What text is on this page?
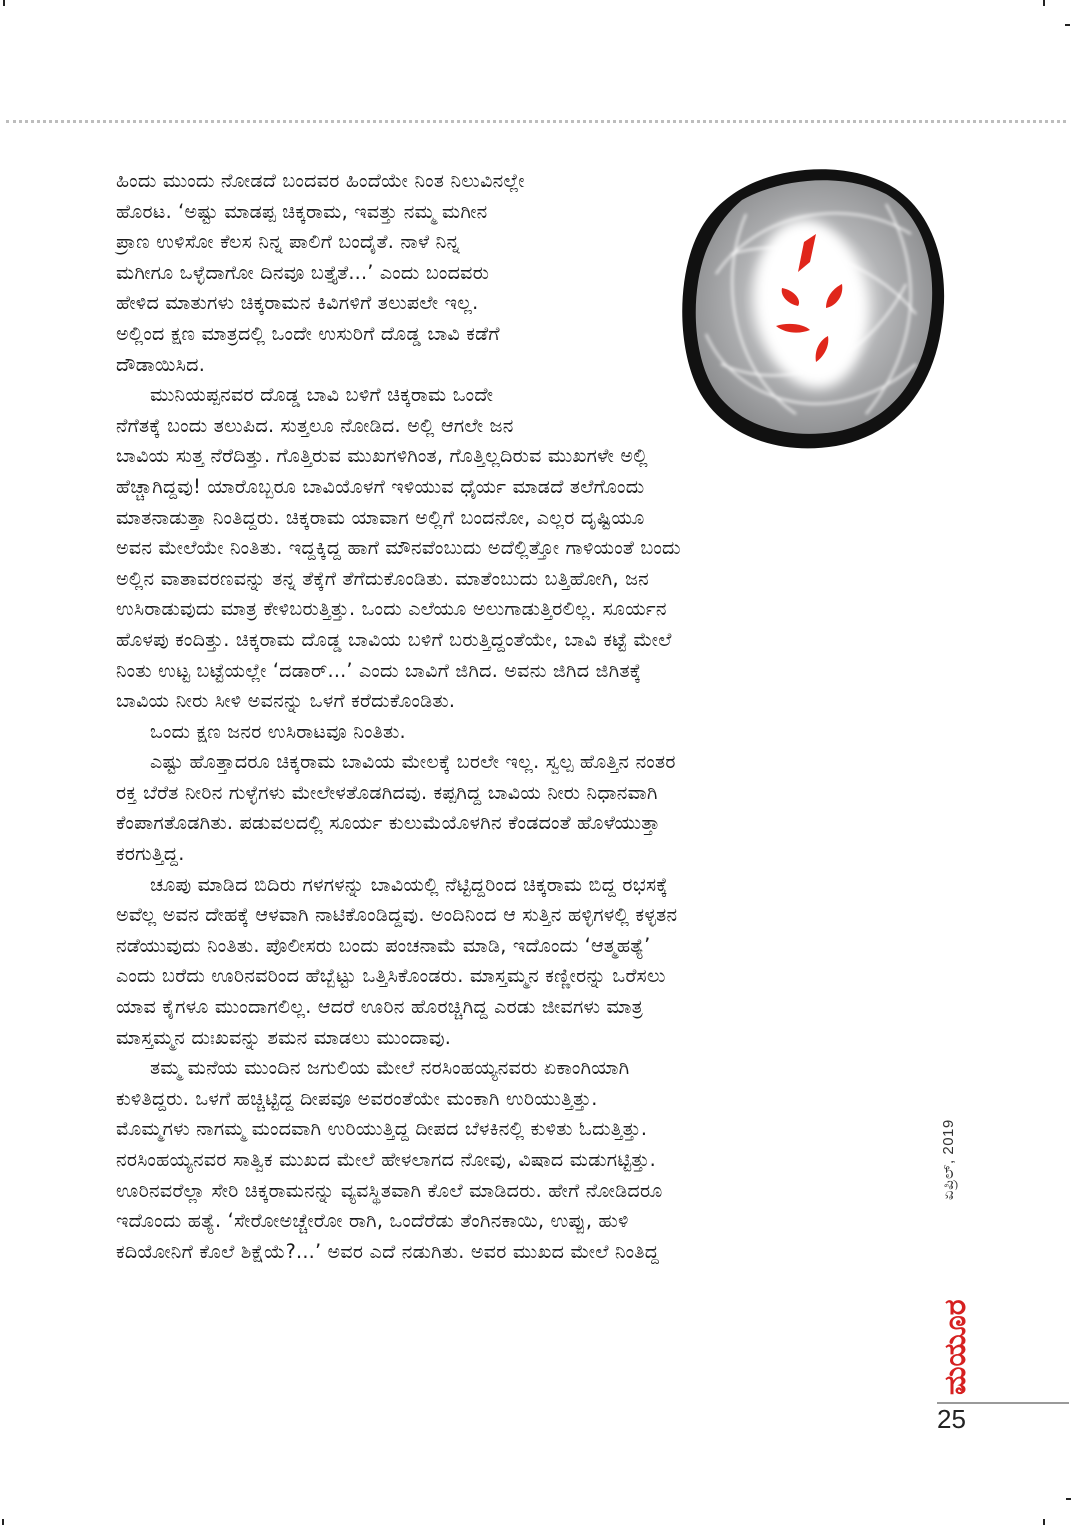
ಹಿಂದು ಮುಂದು ನೋಡದೆ ಬಂದವರ ಹಿಂದೆಯೇ ನಿಂತ ನಿಲುವಿನಲ್ಲೇ
ಹೊರಟ. ‘ಅಷ್ಟು ಮಾಡಪ್ಪ ಚಿಕ್ಕರಾಮ, ಇವತ್ತು ನಮ್ಮ ಮಗೀನ
ಪ್ರಾಣ ಉಳಿಸೋ ಕೆಲಸ ನಿನ್ನ ಪಾಲಿಗೆ ಬಂದೈತೆ. ನಾಳೆ ನಿನ್ನ
ಮಗೀಗೂ ಒಳ್ಳೆದಾಗೋ ದಿನವೂ ಬತ್ತೈತೆ...’ ಎಂದು ಬಂದವರು
ಹೇಳಿದ ಮಾತುಗಳು ಚಿಕ್ಕರಾಮನ ಕಿವಿಗಳಿಗೆ ತಲುಪಲೇ ಇಲ್ಲ.
ಅಲ್ಲಿಂದ ಕ್ಷಣ ಮಾತ್ರದಲ್ಲಿ ಒಂದೇ ಉಸುರಿಗೆ ದೊಡ್ಡ ಬಾವಿ ಕಡೆಗೆ
ದೌಡಾಯಿಸಿದ.
ಮುನಿಯಪ್ಪನವರ ದೊಡ್ಡ ಬಾವಿ ಬಳಿಗೆ ಚಿಕ್ಕರಾಮ ಒಂದೇ
ನೆಗೆತಕ್ಕೆ ಬಂದು ತಲುಪಿದ. ಸುತ್ತಲೂ ನೋಡಿದ. ಅಲ್ಲಿ ಆಗಲೇ ಜನ
ಬಾವಿಯ ಸುತ್ತ ನೆರೆದಿತ್ತು. ಗೊತ್ತಿರುವ ಮುಖಗಳಿಗಿಂತ, ಗೊತ್ತಿಲ್ಲದಿರುವ ಮುಖಗಳೇ ಅಲ್ಲಿ
ಹೆಚ್ಚಾಗಿದ್ದವು! ಯಾರೊಬ್ಬರೂ ಬಾವಿಯೊಳಗೆ ಇಳಿಯುವ ಧೈರ್ಯ ಮಾಡದೆ ತಲೆಗೊಂದು
ಮಾತನಾಡುತ್ತಾ ನಿಂತಿದ್ದರು. ಚಿಕ್ಕರಾಮ ಯಾವಾಗ ಅಲ್ಲಿಗೆ ಬಂದನೋ, ಎಲ್ಲರ ದೃಷ್ಟಿಯೂ
ಅವನ ಮೇಲೆಯೇ ನಿಂತಿತು. ಇದ್ದಕ್ಕಿದ್ದ ಹಾಗೆ ಮೌನವೆಂಬುದು ಅದೆಲ್ಲಿತ್ತೋ ಗಾಳಿಯಂತೆ ಬಂದು
ಅಲ್ಲಿನ ವಾತಾವರಣವನ್ನು ತನ್ನ ತೆಕ್ಕೆಗೆ ತೆಗೆದುಕೊಂಡಿತು. ಮಾತೆಂಬುದು ಬತ್ತಿಹೋಗಿ, ಜನ
ಉಸಿರಾಡುವುದು ಮಾತ್ರ ಕೇಳಿಬರುತ್ತಿತ್ತು. ಒಂದು ಎಲೆಯೂ ಅಲುಗಾಡುತ್ತಿರಲಿಲ್ಲ. ಸೂರ್ಯನ
ಹೊಳಪು ಕಂದಿತ್ತು. ಚಿಕ್ಕರಾಮ ದೊಡ್ಡ ಬಾವಿಯ ಬಳಿಗೆ ಬರುತ್ತಿದ್ದಂತೆಯೇ, ಬಾವಿ ಕಟ್ಟೆ ಮೇಲೆ
ನಿಂತು ಉಟ್ಟ ಬಟ್ಟೆಯಲ್ಲೇ ‘ದಡಾರ್...’ ಎಂದು ಬಾವಿಗೆ ಜಿಗಿದ. ಅವನು ಜಿಗಿದ ಜಿಗಿತಕ್ಕೆ
ಬಾವಿಯ ನೀರು ಸೀಳಿ ಅವನನ್ನು ಒಳಗೆ ಕರೆದುಕೊಂಡಿತು.
ಒಂದು ಕ್ಷಣ ಜನರ ಉಸಿರಾಟವೂ ನಿಂತಿತು.
ಎಷ್ಟು ಹೊತ್ತಾದರೂ ಚಿಕ್ಕರಾಮ ಬಾವಿಯ ಮೇಲಕ್ಕೆ ಬರಲೇ ಇಲ್ಲ. ಸ್ವಲ್ಪ ಹೊತ್ತಿನ ನಂತರ
ರಕ್ತ ಬೆರೆತ ನೀರಿನ ಗುಳ್ಳೆಗಳು ಮೇಲೇಳತೊಡಗಿದವು. ಕಪ್ಪಗಿದ್ದ ಬಾವಿಯ ನೀರು ನಿಧಾನವಾಗಿ
ಕೆಂಪಾಗತೊಡಗಿತು. ಪಡುವಲದಲ್ಲಿ ಸೂರ್ಯ ಕುಲುಮೆಯೊಳಗಿನ ಕೆಂಡದಂತೆ ಹೊಳೆಯುತ್ತಾ
ಕರಗುತ್ತಿದ್ದ.
ಚೂಪು ಮಾಡಿದ ಬಿದಿರು ಗಳಗಳನ್ನು ಬಾವಿಯಲ್ಲಿ ನೆಟ್ಟಿದ್ದರಿಂದ ಚಿಕ್ಕರಾಮ ಬಿದ್ದ ರಭಸಕ್ಕೆ
ಅವೆಲ್ಲ ಅವನ ದೇಹಕ್ಕೆ ಆಳವಾಗಿ ನಾಟಿಕೊಂಡಿದ್ದವು. ಅಂದಿನಿಂದ ಆ ಸುತ್ತಿನ ಹಳ್ಳಿಗಳಲ್ಲಿ ಕಳ್ಳತನ
ನಡೆಯುವುದು ನಿಂತಿತು. ಪೊಲೀಸರು ಬಂದು ಪಂಚನಾಮೆ ಮಾಡಿ, ಇದೊಂದು ‘ಆತ್ಮಹತ್ಯೆ’
ಎಂದು ಬರೆದು ಊರಿನವರಿಂದ ಹೆಬ್ಬೆಟ್ಟು ಒತ್ತಿಸಿಕೊಂಡರು. ಮಾಸ್ತಮ್ಮನ ಕಣ್ಣೀರನ್ನು ಒರೆಸಲು
ಯಾವ ಕೈಗಳೂ ಮುಂದಾಗಲಿಲ್ಲ. ಆದರೆ ಊರಿನ ಹೊರಚ್ಚಿಗಿದ್ದ ಎರಡು ಜೀವಗಳು ಮಾತ್ರ
ಮಾಸ್ತಮ್ಮನ ದುಃಖವನ್ನು ಶಮನ ಮಾಡಲು ಮುಂದಾವು.
ತಮ್ಮ ಮನೆಯ ಮುಂದಿನ ಜಗುಲಿಯ ಮೇಲೆ ನರಸಿಂಹಯ್ಯನವರು ಏಕಾಂಗಿಯಾಗಿ
ಕುಳಿತಿದ್ದರು. ಒಳಗೆ ಹಚ್ಚಿಟ್ಟಿದ್ದ ದೀಪವೂ ಅವರಂತೆಯೇ ಮಂಕಾಗಿ ಉರಿಯುತ್ತಿತ್ತು.
ಮೊಮ್ಮಗಳು ನಾಗಮ್ಮ ಮಂದವಾಗಿ ಉರಿಯುತ್ತಿದ್ದ ದೀಪದ ಬೆಳಕಿನಲ್ಲಿ ಕುಳಿತು ಓದುತ್ತಿತ್ತು.
ನರಸಿಂಹಯ್ಯನವರ ಸಾತ್ವಿಕ ಮುಖದ ಮೇಲೆ ಹೇಳಲಾಗದ ನೋವು, ವಿಷಾದ ಮಡುಗಟ್ಟಿತ್ತು.
ಊರಿನವರೆಲ್ಲಾ ಸೇರಿ ಚಿಕ್ಕರಾಮನನ್ನು ವ್ಯವಸ್ಥಿತವಾಗಿ ಕೊಲೆ ಮಾಡಿದರು. ಹೇಗೆ ನೋಡಿದರೂ
ಇದೊಂದು ಹತ್ಯೆ. ‘ಸೇರೋಅಚ್ಚೇರೋ ರಾಗಿ, ಒಂದೆರೆಡು ತೆಂಗಿನಕಾಯಿ, ಉಪ್ಪು, ಹುಳಿ
ಕದಿಯೋನಿಗೆ ಕೊಲೆ ಶಿಕ್ಷೆಯೆ?...’ ಅವರ ಎದೆ ನಡುಗಿತು. ಅವರ ಮುಖದ ಮೇಲೆ ನಿಂತಿದ್ದ
ಏಪ್ರಿಲ್, 2019
ಮಯೂರ
25
